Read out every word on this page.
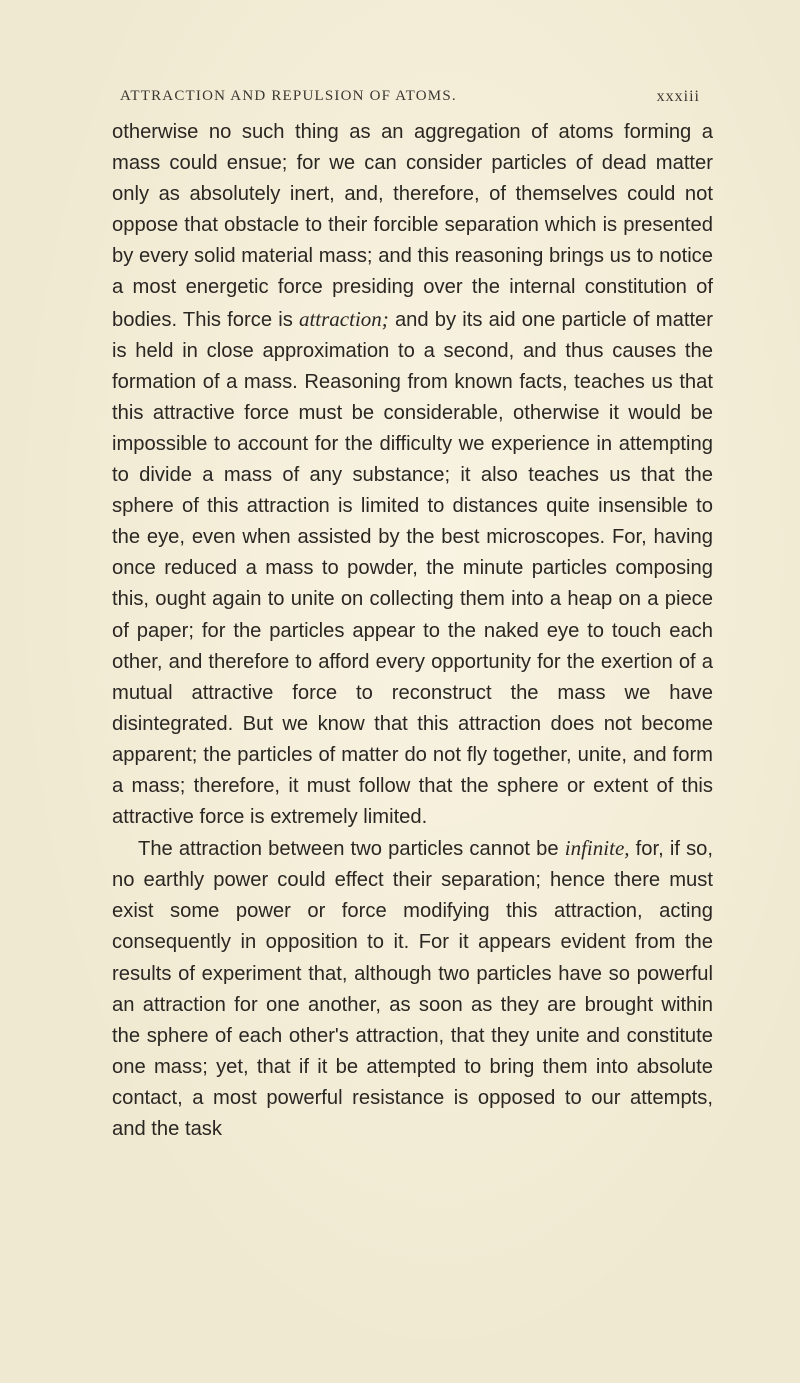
ATTRACTION AND REPULSION OF ATOMS.	xxxiii

otherwise no such thing as an aggregation of atoms forming a mass could ensue; for we can consider particles of dead matter only as absolutely inert, and, therefore, of themselves could not oppose that obstacle to their forcible separation which is presented by every solid material mass; and this reasoning brings us to notice a most energetic force presiding over the internal constitution of bodies. This force is attraction; and by its aid one particle of matter is held in close approximation to a second, and thus causes the formation of a mass. Reasoning from known facts, teaches us that this attractive force must be considerable, otherwise it would be impossible to account for the difficulty we experience in attempting to divide a mass of any substance; it also teaches us that the sphere of this attraction is limited to distances quite insensible to the eye, even when assisted by the best microscopes. For, having once reduced a mass to powder, the minute particles composing this, ought again to unite on collecting them into a heap on a piece of paper; for the particles appear to the naked eye to touch each other, and therefore to afford every opportunity for the exertion of a mutual attractive force to reconstruct the mass we have disintegrated. But we know that this attraction does not become apparent; the particles of matter do not fly together, unite, and form a mass; therefore, it must follow that the sphere or extent of this attractive force is extremely limited.

The attraction between two particles cannot be infinite, for, if so, no earthly power could effect their separation; hence there must exist some power or force modifying this attraction, acting consequently in opposition to it. For it appears evident from the results of experiment that, although two particles have so powerful an attraction for one another, as soon as they are brought within the sphere of each other's attraction, that they unite and constitute one mass; yet, that if it be attempted to bring them into absolute contact, a most powerful resistance is opposed to our attempts, and the task
